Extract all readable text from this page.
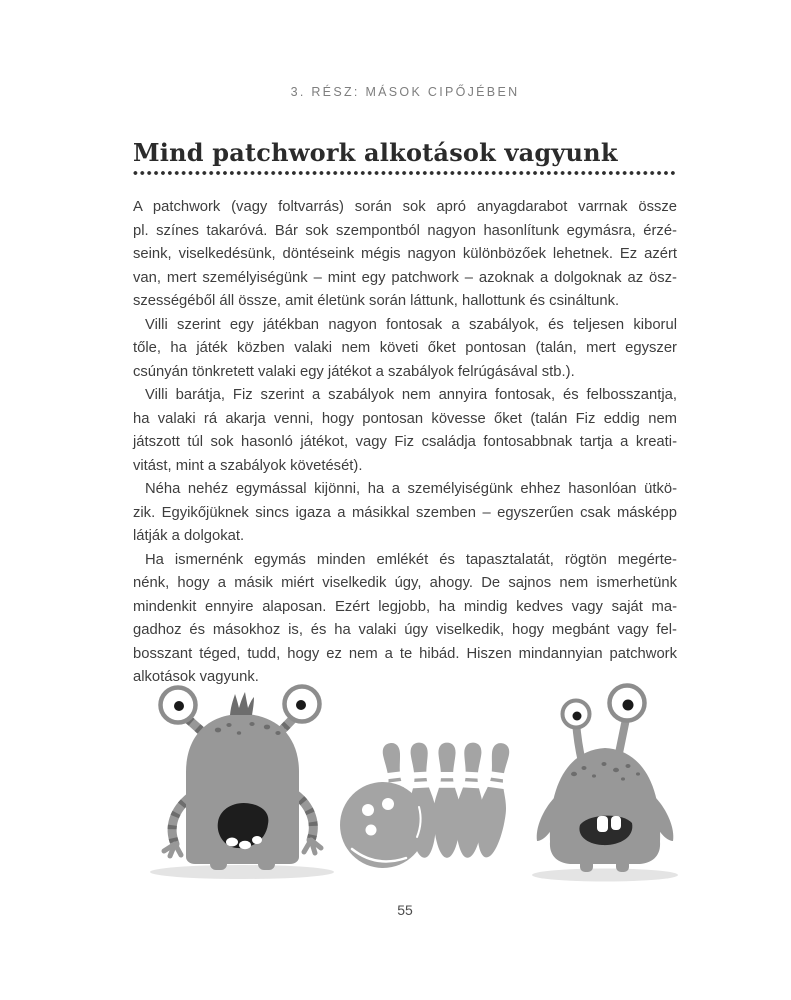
3. RÉSZ: MÁSOK CIPŐJÉBEN
Mind patchwork alkotások vagyunk
A patchwork (vagy foltvarrás) során sok apró anyagdarabot varrnak össze
pl. színes takaróvá. Bár sok szempontból nagyon hasonlítunk egymásra, érzé-
seink, viselkedésünk, döntéseink mégis nagyon különbözőek lehetnek. Ez azért
van, mert személyiségünk – mint egy patchwork – azoknak a dolgoknak az ösz-
szességéből áll össze, amit életünk során láttunk, hallottunk és csináltunk.
Villi szerint egy játékban nagyon fontosak a szabályok, és teljesen kiborul
tőle, ha játék közben valaki nem követi őket pontosan (talán, mert egyszer
csúnyán tönkretett valaki egy játékot a szabályok felrúgásával stb.).
Villi barátja, Fiz szerint a szabályok nem annyira fontosak, és felbosszantja,
ha valaki rá akarja venni, hogy pontosan kövesse őket (talán Fiz eddig nem
játszott túl sok hasonló játékot, vagy Fiz családja fontosabbnak tartja a kreati-
vitást, mint a szabályok követését).
Néha nehéz egymással kijönni, ha a személyiségünk ehhez hasonlóan ütkö-
zik. Egyikőjüknek sincs igaza a másikkal szemben – egyszerűen csak másképp
látják a dolgokat.
Ha ismernénk egymás minden emlékét és tapasztalatát, rögtön megérte-
nénk, hogy a másik miért viselkedik úgy, ahogy. De sajnos nem ismerhetünk
mindenkit ennyire alaposan. Ezért legjobb, ha mindig kedves vagy saját ma-
gadhoz és másokhoz is, és ha valaki úgy viselkedik, hogy megbánt vagy fel-
bosszant téged, tudd, hogy ez nem a te hibád. Hiszen mindannyian patchwork
alkotások vagyunk.
55
